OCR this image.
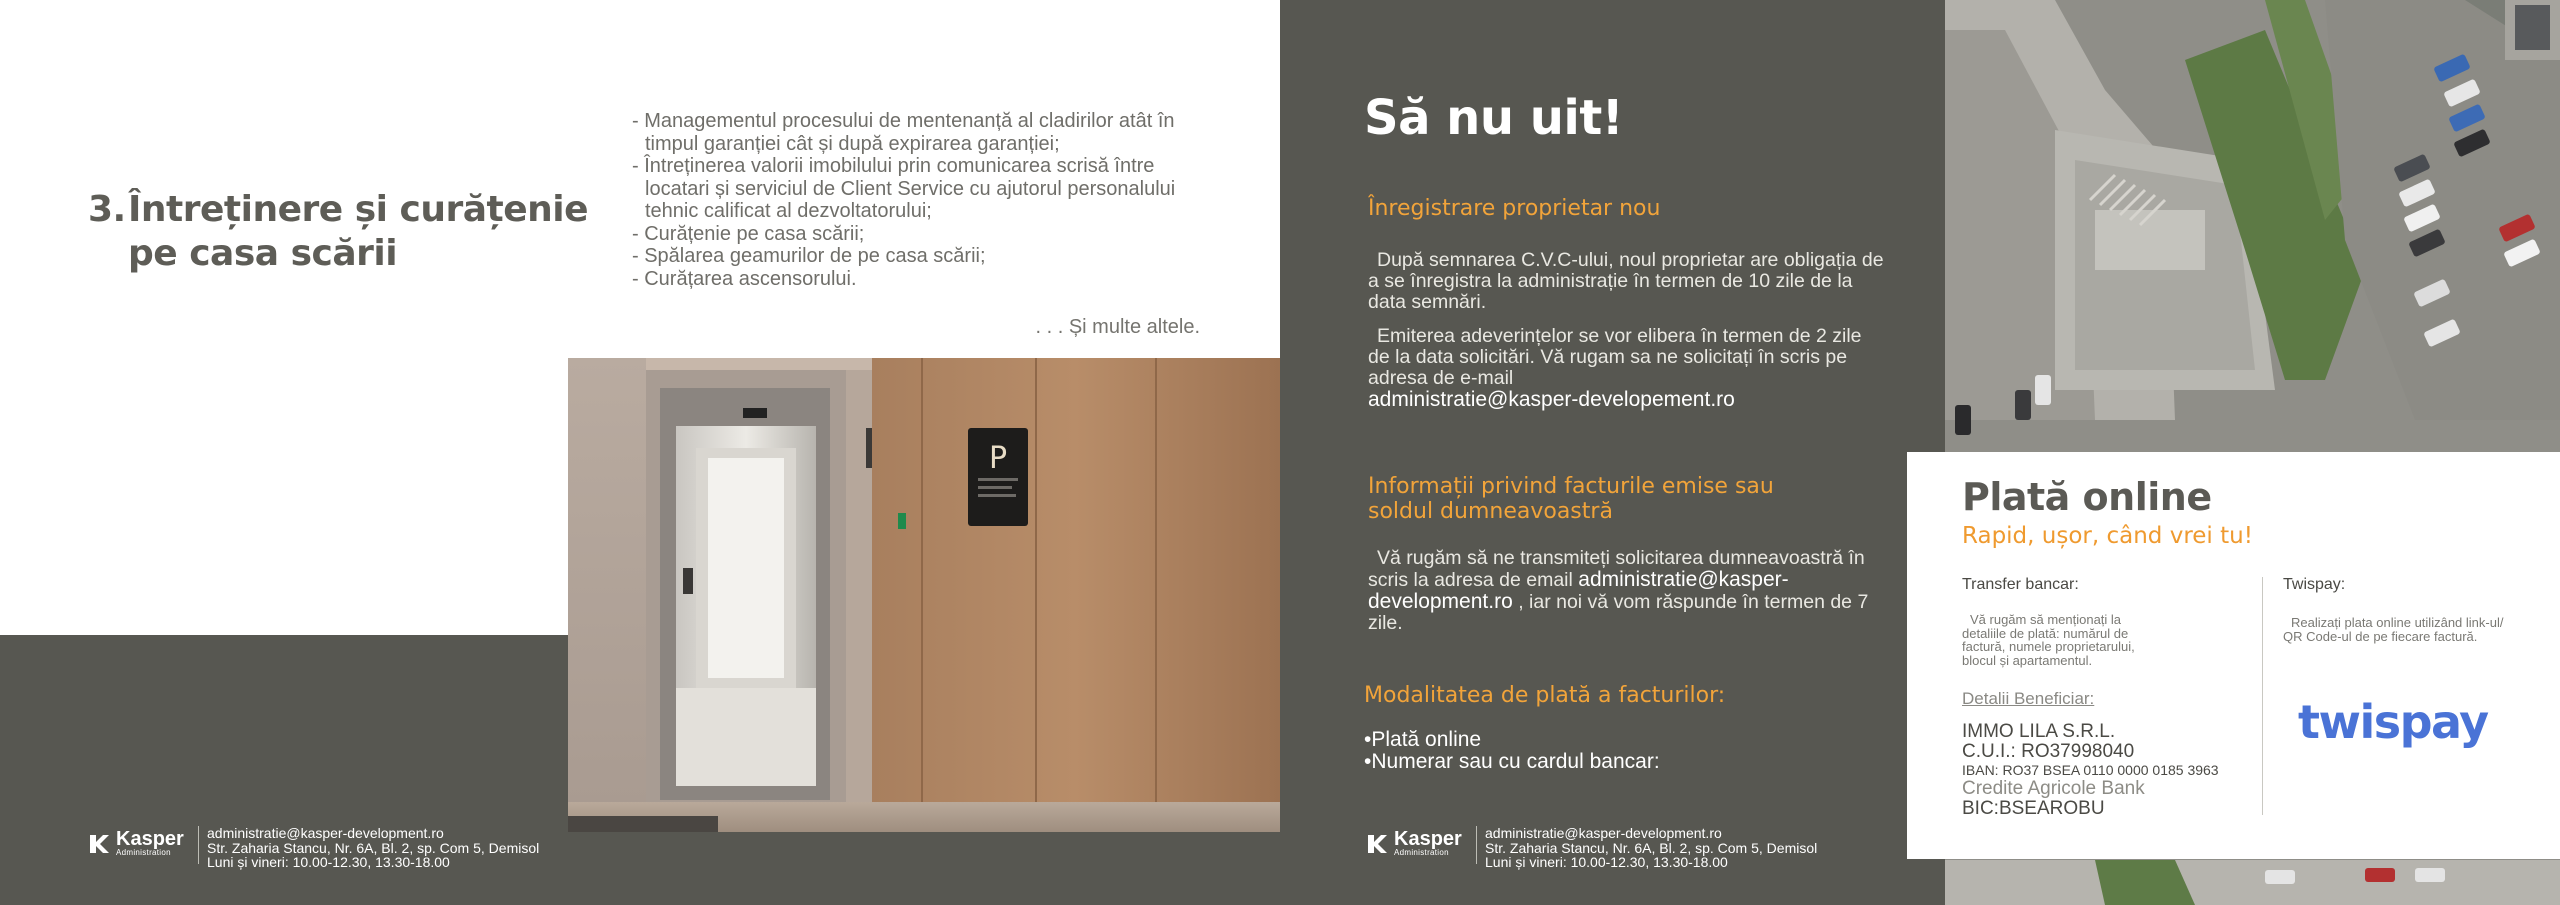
3.Întreținere și curățenie
pe casa scării
- Managementul procesului de mentenanță al cladirilor atât în timpul garanției cât și după expirarea garanției;
- Întreținerea valorii imobilului prin comunicarea scrisă între locatari și serviciul de Client Service cu ajutorul personalului tehnic calificat al dezvoltatorului;
- Curățenie pe casa scării;
- Spălarea geamurilor de pe casa scării;
- Curățarea ascensorului.
. . . Și multe altele.
P
Kasper
Administration
administratie@kasper-development.ro
Str. Zaharia Stancu, Nr. 6A, Bl. 2, sp. Com 5, Demisol
Luni și vineri: 10.00-12.30, 13.30-18.00
Să nu uit!
Înregistrare proprietar nou
După semnarea C.V.C-ului, noul proprietar are obligația de a se înregistra la administrație în termen de 10 zile de la data semnări.
Emiterea adeverințelor se vor elibera în termen de 2 zile de la data solicitări. Vă rugam sa ne solicitați în scris pe adresa de e-mail
administratie@kasper-developement.ro
Informații privind facturile emise sau
soldul dumneavoastră
Vă rugăm să ne transmiteți solicitarea dumneavoastră în scris la adresa de email administratie@kasper-development.ro , iar noi vă vom răspunde în termen de 7 zile.
Modalitatea de plată a facturilor:
•Plată online
•Numerar sau cu cardul bancar:
Kasper
Administration
administratie@kasper-development.ro
Str. Zaharia Stancu, Nr. 6A, Bl. 2, sp. Com 5, Demisol
Luni și vineri: 10.00-12.30, 13.30-18.00
Plată online
Rapid, ușor, când vrei tu!
Transfer bancar:
Vă rugăm să menționați la detaliile de plată: numărul de factură, numele proprietarului, blocul și apartamentul.
Detalii Beneficiar:
IMMO LILA S.R.L.
C.U.I.: RO37998040
IBAN: RO37 BSEA 0110 0000 0185 3963
Credite Agricole Bank
BIC:BSEAROBU
Twispay:
Realizați plata online utilizând link-ul/ QR Code-ul de pe fiecare factură.
twispay
